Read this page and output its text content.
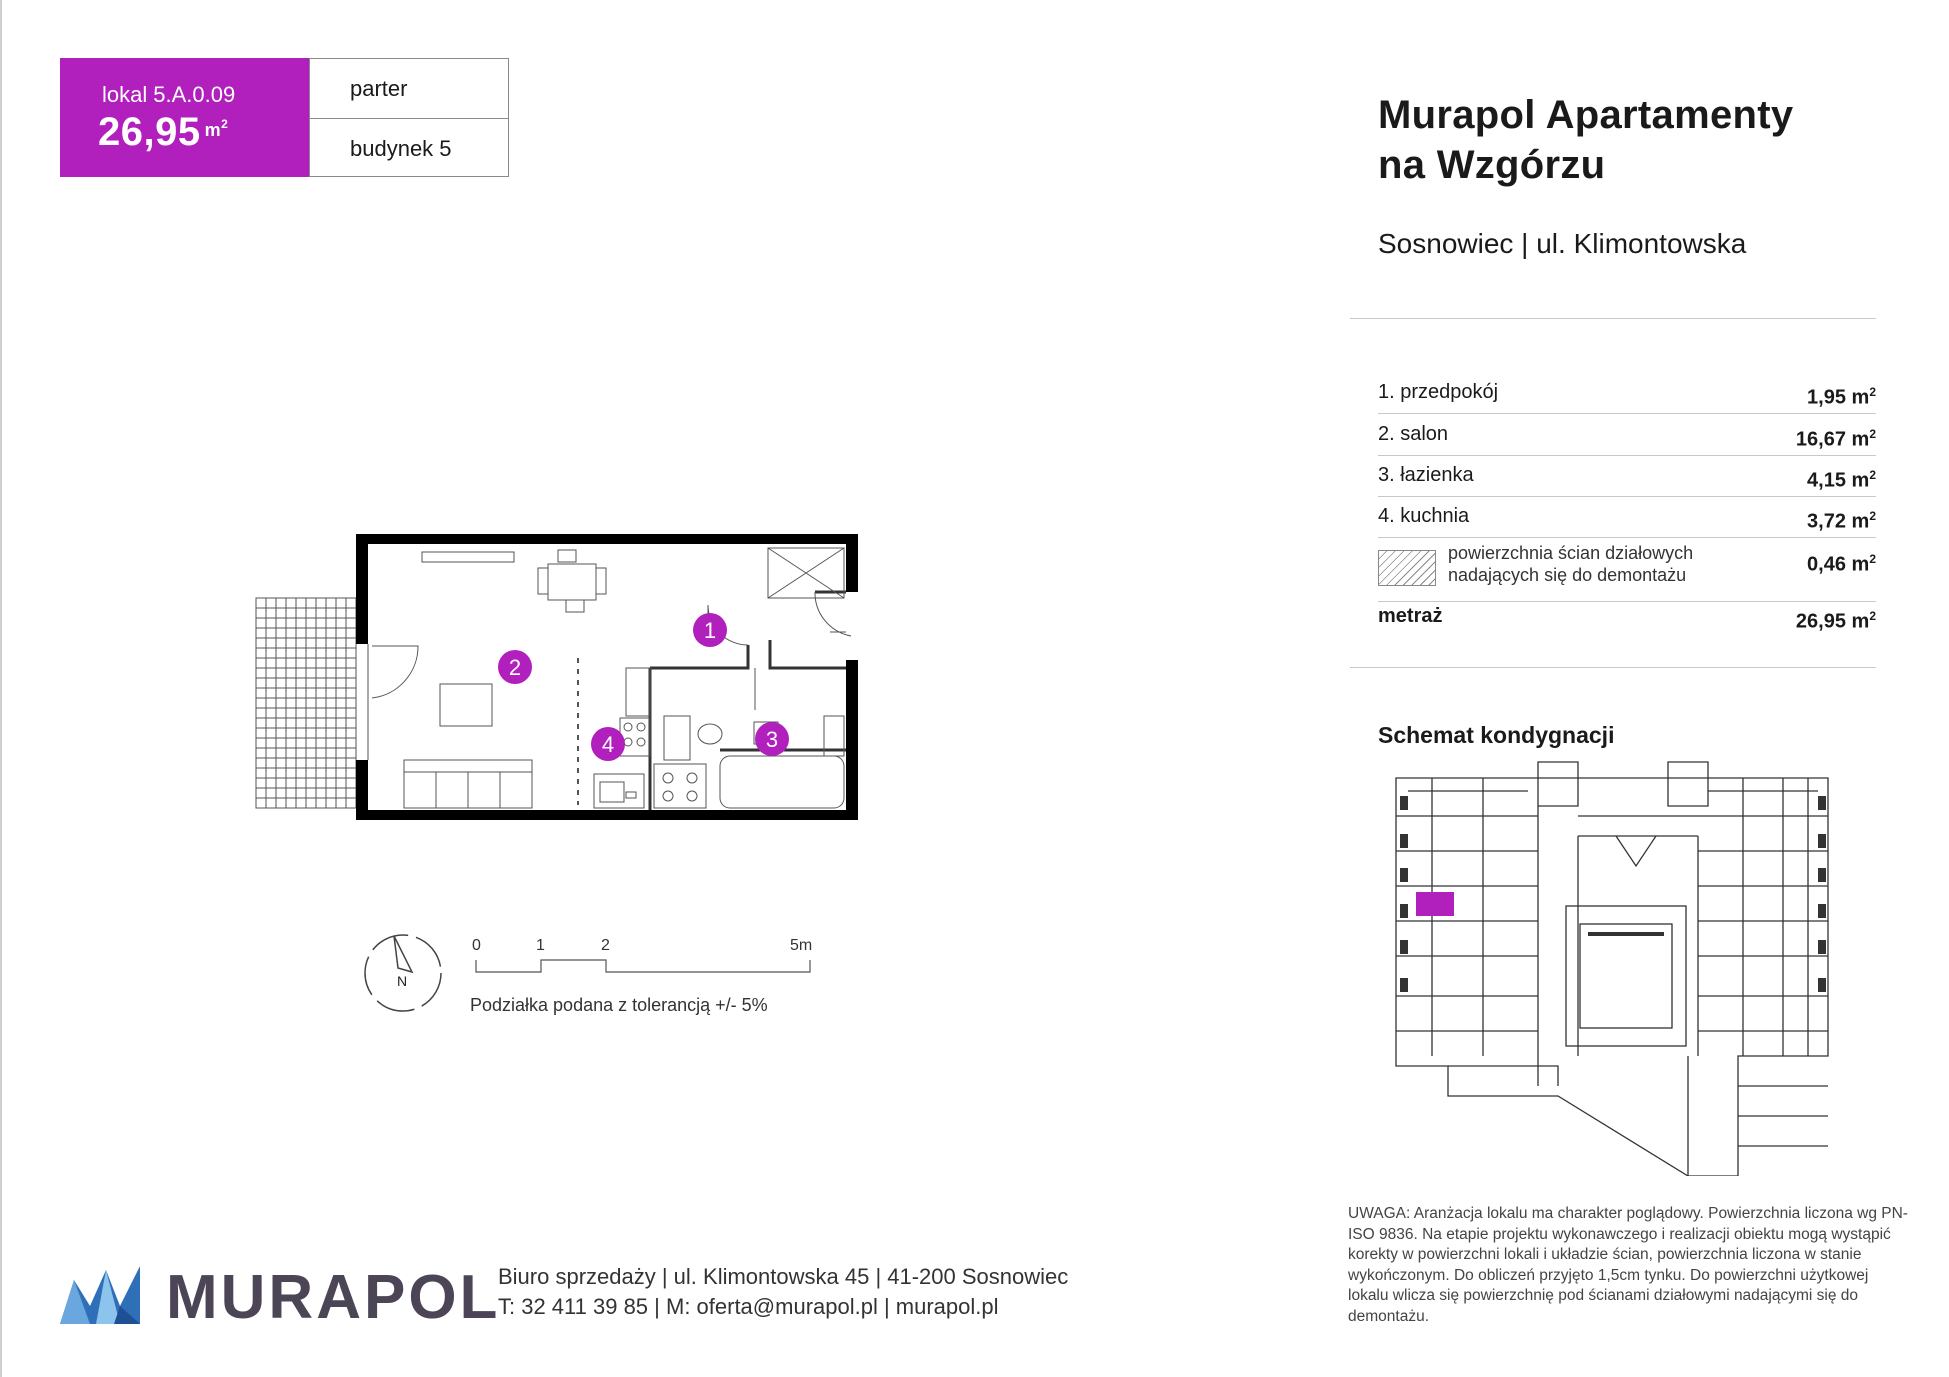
lokal 5.A.0.09
26,95 $^{m^2}$
parter
budynek 5
Murapol Apartamenty
na Wzgórzu
Sosnowiec | ul. Klimontowska
1. przedpokój	1,95 $m^2$
2. salon	16,67 $m^2$
3. łazienka	4,15 $m^2$
4. kuchnia	3,72 $m^2$
powierzchnia ścian działowych
nadających się do demontażu	0,46 $m^2$
metraż	26,95 $m^2$
1
2
3
4
N
0	1	2	5m
Podziałka podana z tolerancją +/- 5%
Schemat kondygnacji
UWAGA: Aranżacja lokalu ma charakter poglądowy. Powierzchnia liczona wg PN-ISO 9836. Na etapie projektu wykonawczego i realizacji obiektu mogą wystąpić korekty w powierzchni lokali i układzie ścian, powierzchnia liczona w stanie wykończonym. Do obliczeń przyjęto 1,5cm tynku. Do powierzchni użytkowej lokalu wlicza się powierzchnię pod ścianami działowymi nadającymi się do demontażu.
MURAPOL
Biuro sprzedaży | ul. Klimontowska 45 | 41-200 Sosnowiec
T: 32 411 39 85 | M: oferta@murapol.pl | murapol.pl
